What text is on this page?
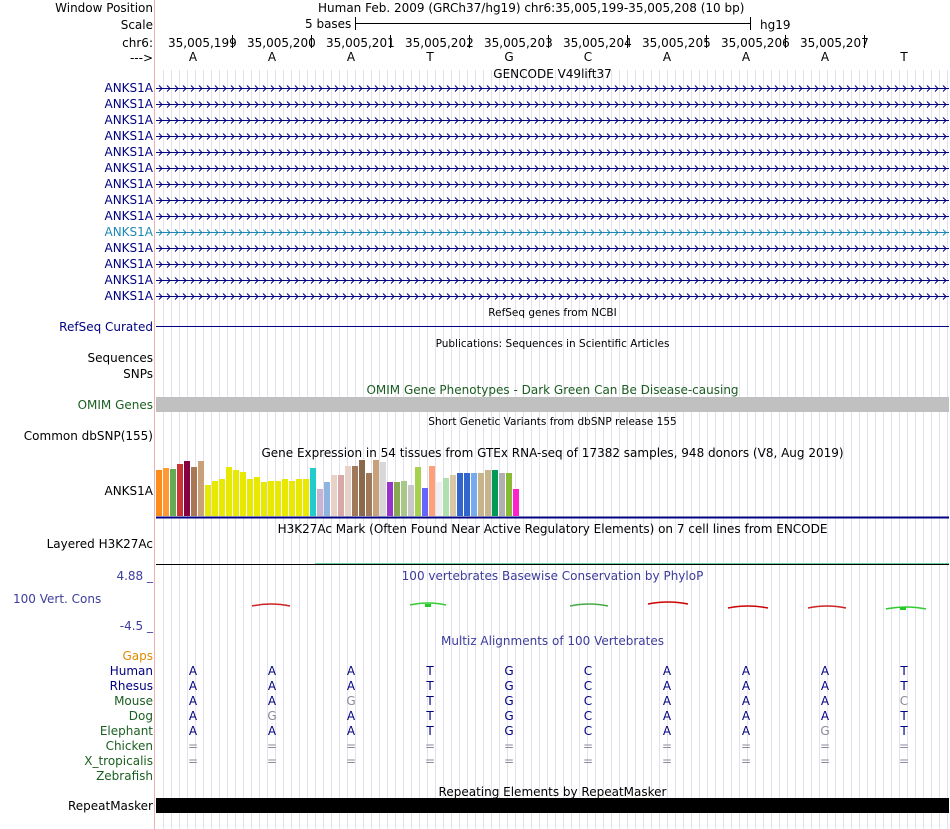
Window Position	Human Feb. 2009 (GRCh37/hg19) chr6:35,005,199-35,005,208 (10 bp)
Scale	5 bases	hg19
chr6:
--->
35,005,199 35,005,200 35,005,201 35,005,202 35,005,203 35,005,204 35,005,205 35,005,206 35,005,207
A	A	A	T	G	C	A	A	A	T
GENCODE V49lift37
ANKS1A
ANKS1A
ANKS1A
ANKS1A
ANKS1A
ANKS1A
ANKS1A
ANKS1A
ANKS1A
ANKS1A
ANKS1A
ANKS1A
ANKS1A
ANKS1A
RefSeq genes from NCBI
RefSeq Curated
Publications: Sequences in Scientific Articles
Sequences
SNPs
OMIM Gene Phenotypes - Dark Green Can Be Disease-causing
OMIM Genes
Short Genetic Variants from dbSNP release 155
Common dbSNP(155)
Gene Expression in 54 tissues from GTEx RNA-seq of 17382 samples, 948 donors (V8, Aug 2019)
ANKS1A
H3K27Ac Mark (Often Found Near Active Regulatory Elements) on 7 cell lines from ENCODE
Layered H3K27Ac
100 vertebrates Basewise Conservation by PhyloP
4.88 _
100 Vert. Cons
-4.5 _
Multiz Alignments of 100 Vertebrates
Gaps
Human	A	A	A	T	G	C	A	A	A	T
Rhesus	A	A	A	T	G	C	A	A	A	T
Mouse	A	A	G	T	G	C	A	A	A	C
Dog	A	G	A	T	G	C	A	A	A	T
Elephant	A	A	A	T	G	C	A	A	G	T
Chicken	=	=	=	=	=	=	=	=	=	=
X_tropicalis	=	=	=	=	=	=	=	=	=	=
Zebrafish
Repeating Elements by RepeatMasker
RepeatMasker
